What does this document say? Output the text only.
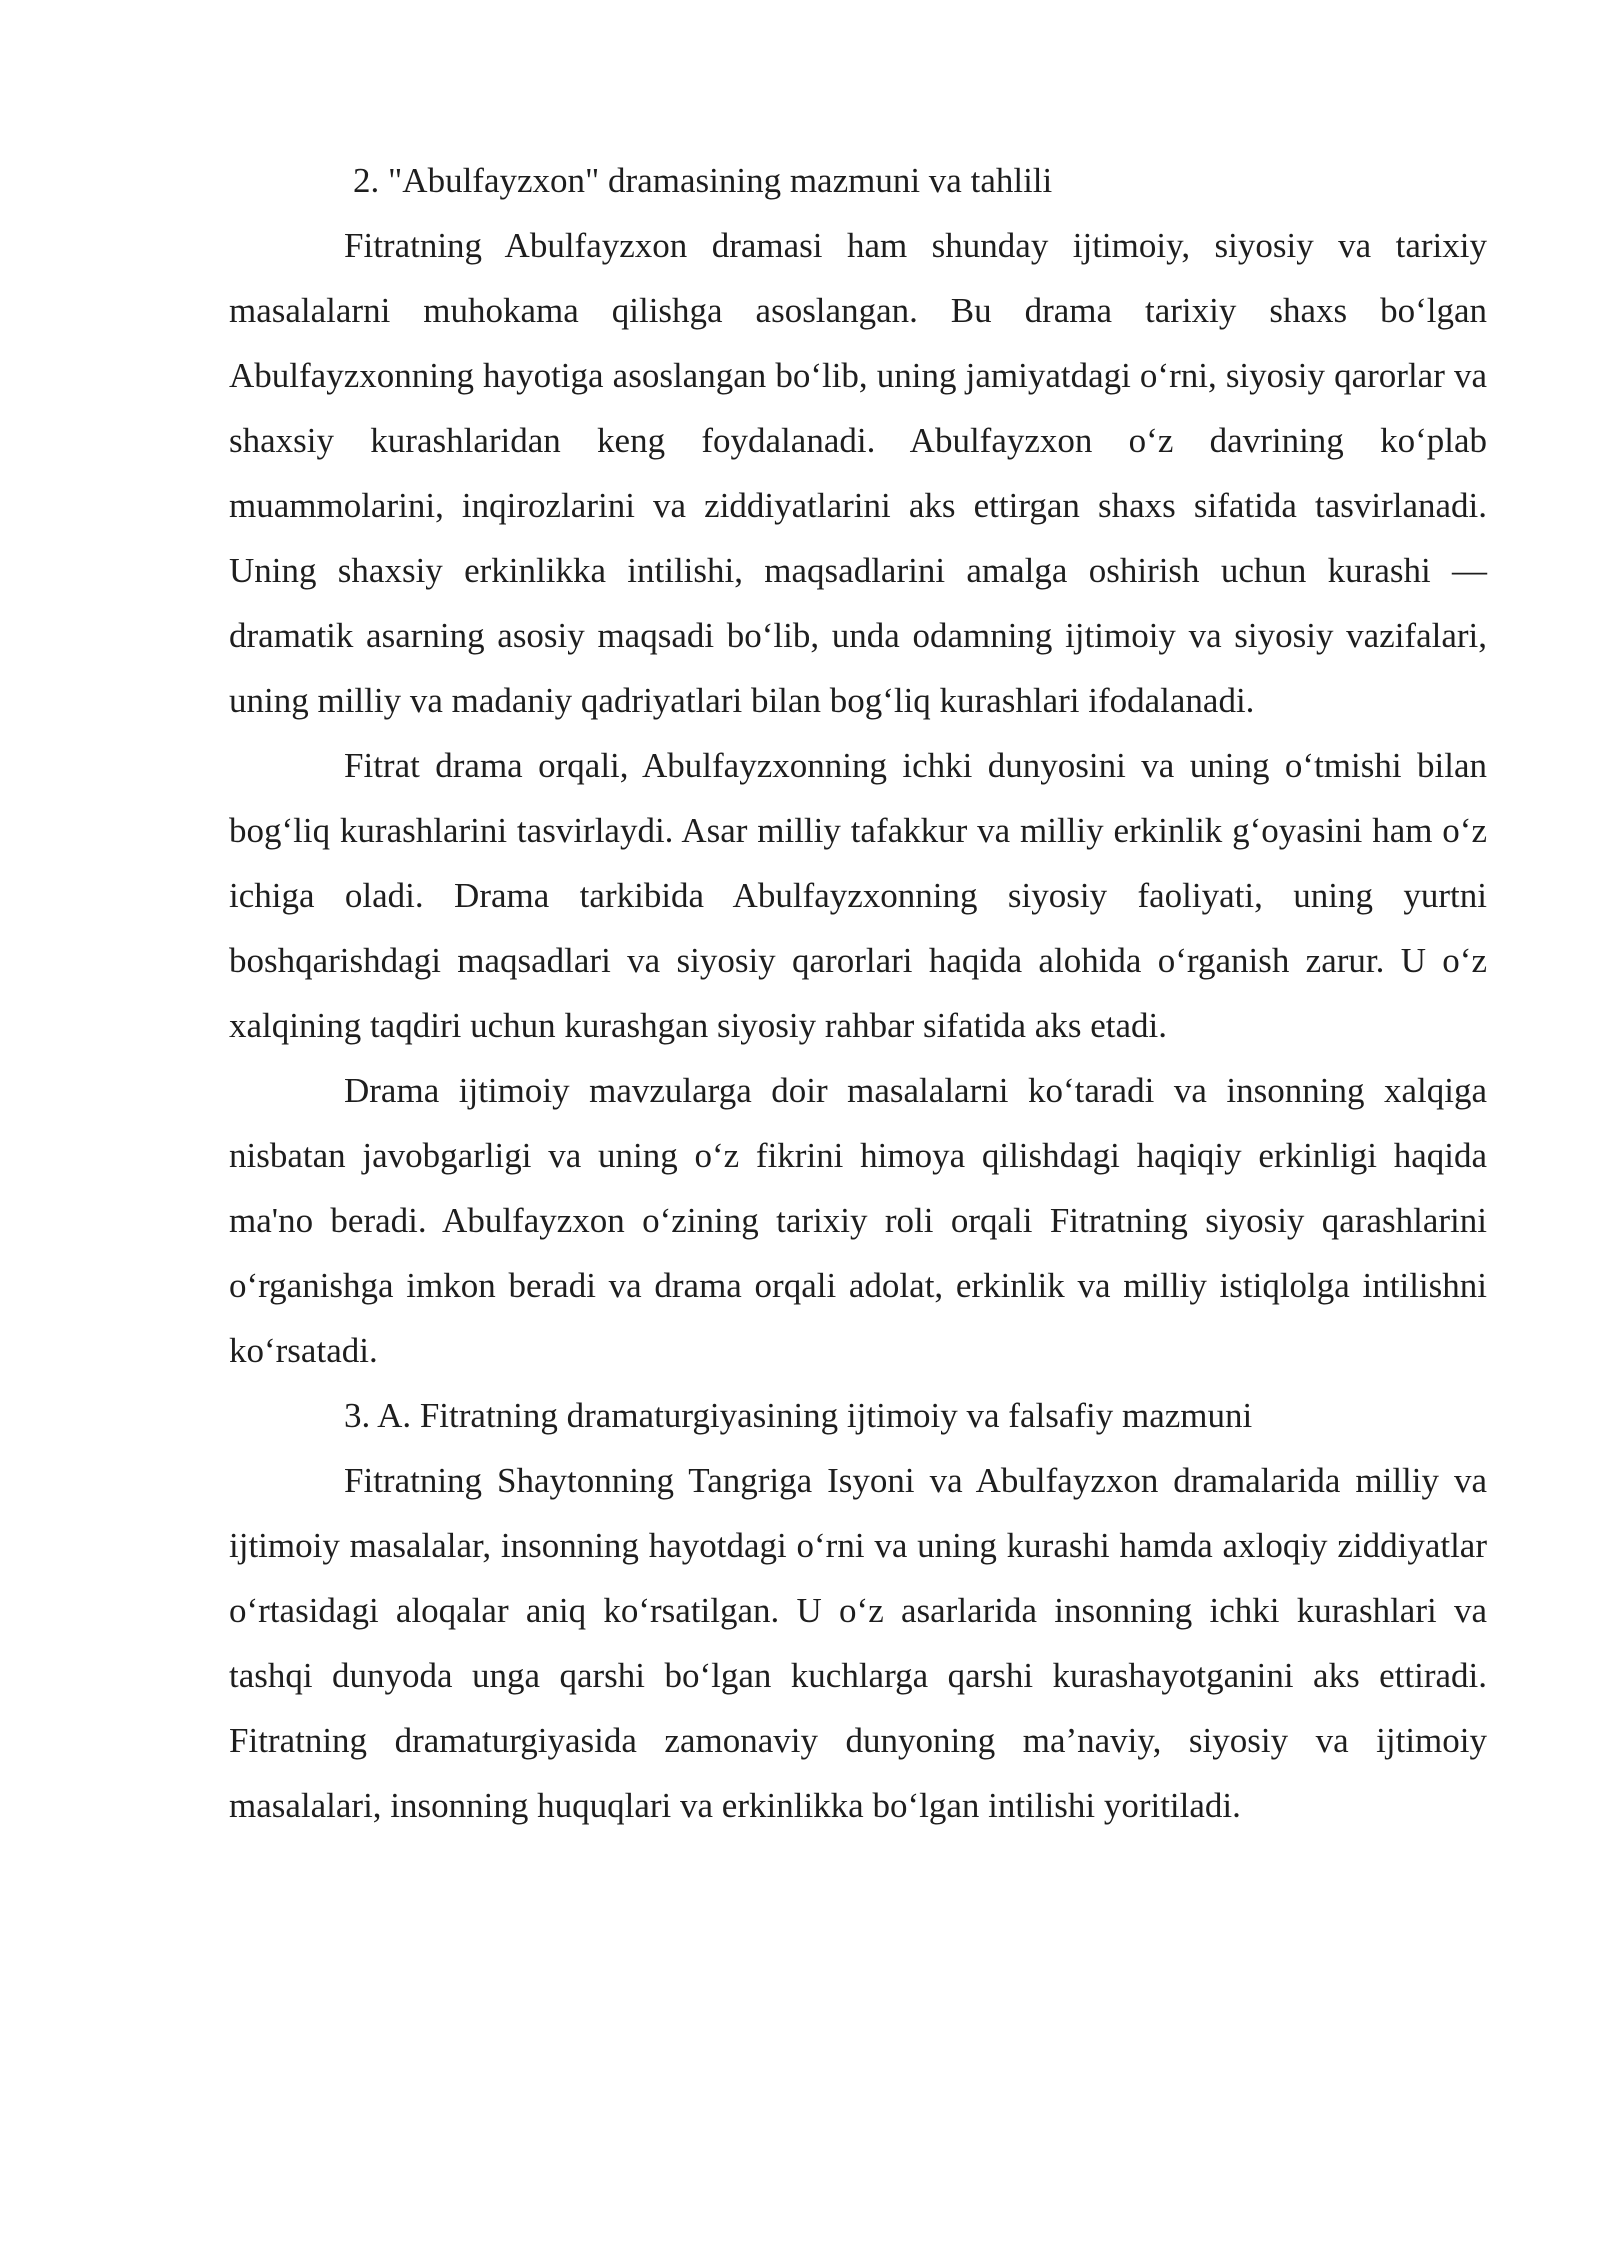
2. "Abulfayzxon" dramasining mazmuni va tahlili

Fitratning Abulfayzxon dramasi ham shunday ijtimoiy, siyosiy va tarixiy masalalarni muhokama qilishga asoslangan. Bu drama tarixiy shaxs bo‘lgan Abulfayzxonning hayotiga asoslangan bo‘lib, uning jamiyatdagi o‘rni, siyosiy qarorlar va shaxsiy kurashlaridan keng foydalanadi. Abulfayzxon o‘z davrining ko‘plab muammolarini, inqirozlarini va ziddiyatlarini aks ettirgan shaxs sifatida tasvirlanadi. Uning shaxsiy erkinlikka intilishi, maqsadlarini amalga oshirish uchun kurashi — dramatik asarning asosiy maqsadi bo‘lib, unda odamning ijtimoiy va siyosiy vazifalari, uning milliy va madaniy qadriyatlari bilan bog‘liq kurashlari ifodalanadi.

Fitrat drama orqali, Abulfayzxonning ichki dunyosini va uning o‘tmishi bilan bog‘liq kurashlarini tasvirlaydi. Asar milliy tafakkur va milliy erkinlik g‘oyasini ham o‘z ichiga oladi. Drama tarkibida Abulfayzxonning siyosiy faoliyati, uning yurtni boshqarishdagi maqsadlari va siyosiy qarorlari haqida alohida o‘rganish zarur. U o‘z xalqining taqdiri uchun kurashgan siyosiy rahbar sifatida aks etadi.

Drama ijtimoiy mavzularga doir masalalarni ko‘taradi va insonning xalqiga nisbatan javobgarligi va uning o‘z fikrini himoya qilishdagi haqiqiy erkinligi haqida ma'no beradi. Abulfayzxon o‘zining tarixiy roli orqali Fitratning siyosiy qarashlarini o‘rganishga imkon beradi va drama orqali adolat, erkinlik va milliy istiqlolga intilishni ko‘rsatadi.

3. A. Fitratning dramaturgiyasining ijtimoiy va falsafiy mazmuni

Fitratning Shaytonning Tangriga Isyoni va Abulfayzxon dramalarida milliy va ijtimoiy masalalar, insonning hayotdagi o‘rni va uning kurashi hamda axloqiy ziddiyatlar o‘rtasidagi aloqalar aniq ko‘rsatilgan. U o‘z asarlarida insonning ichki kurashlari va tashqi dunyoda unga qarshi bo‘lgan kuchlarga qarshi kurashayotganini aks ettiradi. Fitratning dramaturgiyasida zamonaviy dunyoning ma’naviy, siyosiy va ijtimoiy masalalari, insonning huquqlari va erkinlikka bo‘lgan intilishi yoritiladi.
